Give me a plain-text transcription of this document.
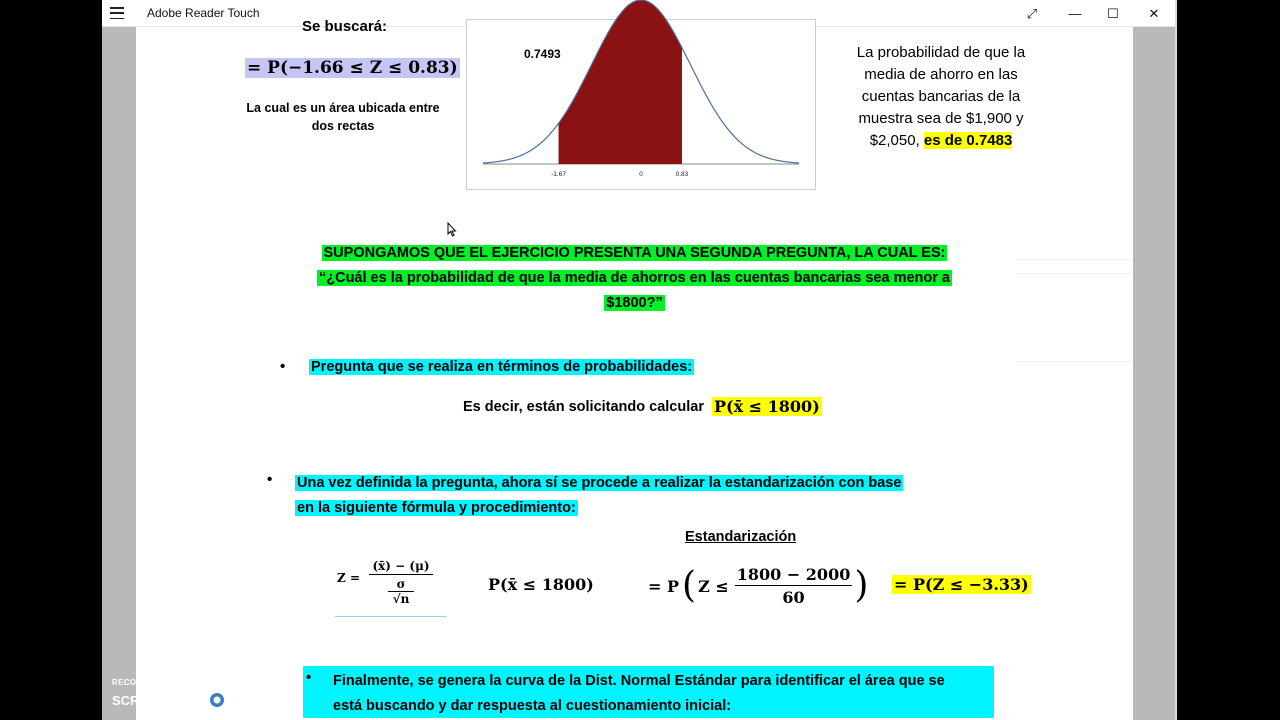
Adobe Reader Touch	⤢	—	☐	✕
Se buscará:
= P(−1.66 ≤ Z ≤ 0.83)
La cual es un área ubicada entre
dos rectas
-1.67	0	0.83
0.7493	La probabilidad de que la
media de ahorro en las
cuentas bancarias de la
muestra sea de $1,900 y
$2,050, es de 0.7483
SUPONGAMOS QUE EL EJERCICIO PRESENTA UNA SEGUNDA PREGUNTA, LA CUAL ES:
“¿Cuál es la probabilidad de que la media de ahorros en las cuentas bancarias sea menor a
$1800?”
• Pregunta que se realiza en términos de probabilidades:
Es decir, están solicitando calcular P(x̄ ≤ 1800)
• Una vez definida la pregunta, ahora sí se procede a realizar la estandarización con base
en la siguiente fórmula y procedimiento:
Estandarización
Z =
(x̄) − (μ)
σ
√n
P(x̄ ≤ 1800)	= P ( $Z \le \frac{1800 - 2000}{60}$ ) = P(Z ≤ −3.33)
• Finalmente, se genera la curva de la Dist. Normal Estándar para identificar el área que se
está buscando y dar respuesta al cuestionamiento inicial:
RECORDED WITH
SCREENCAST MATIC
